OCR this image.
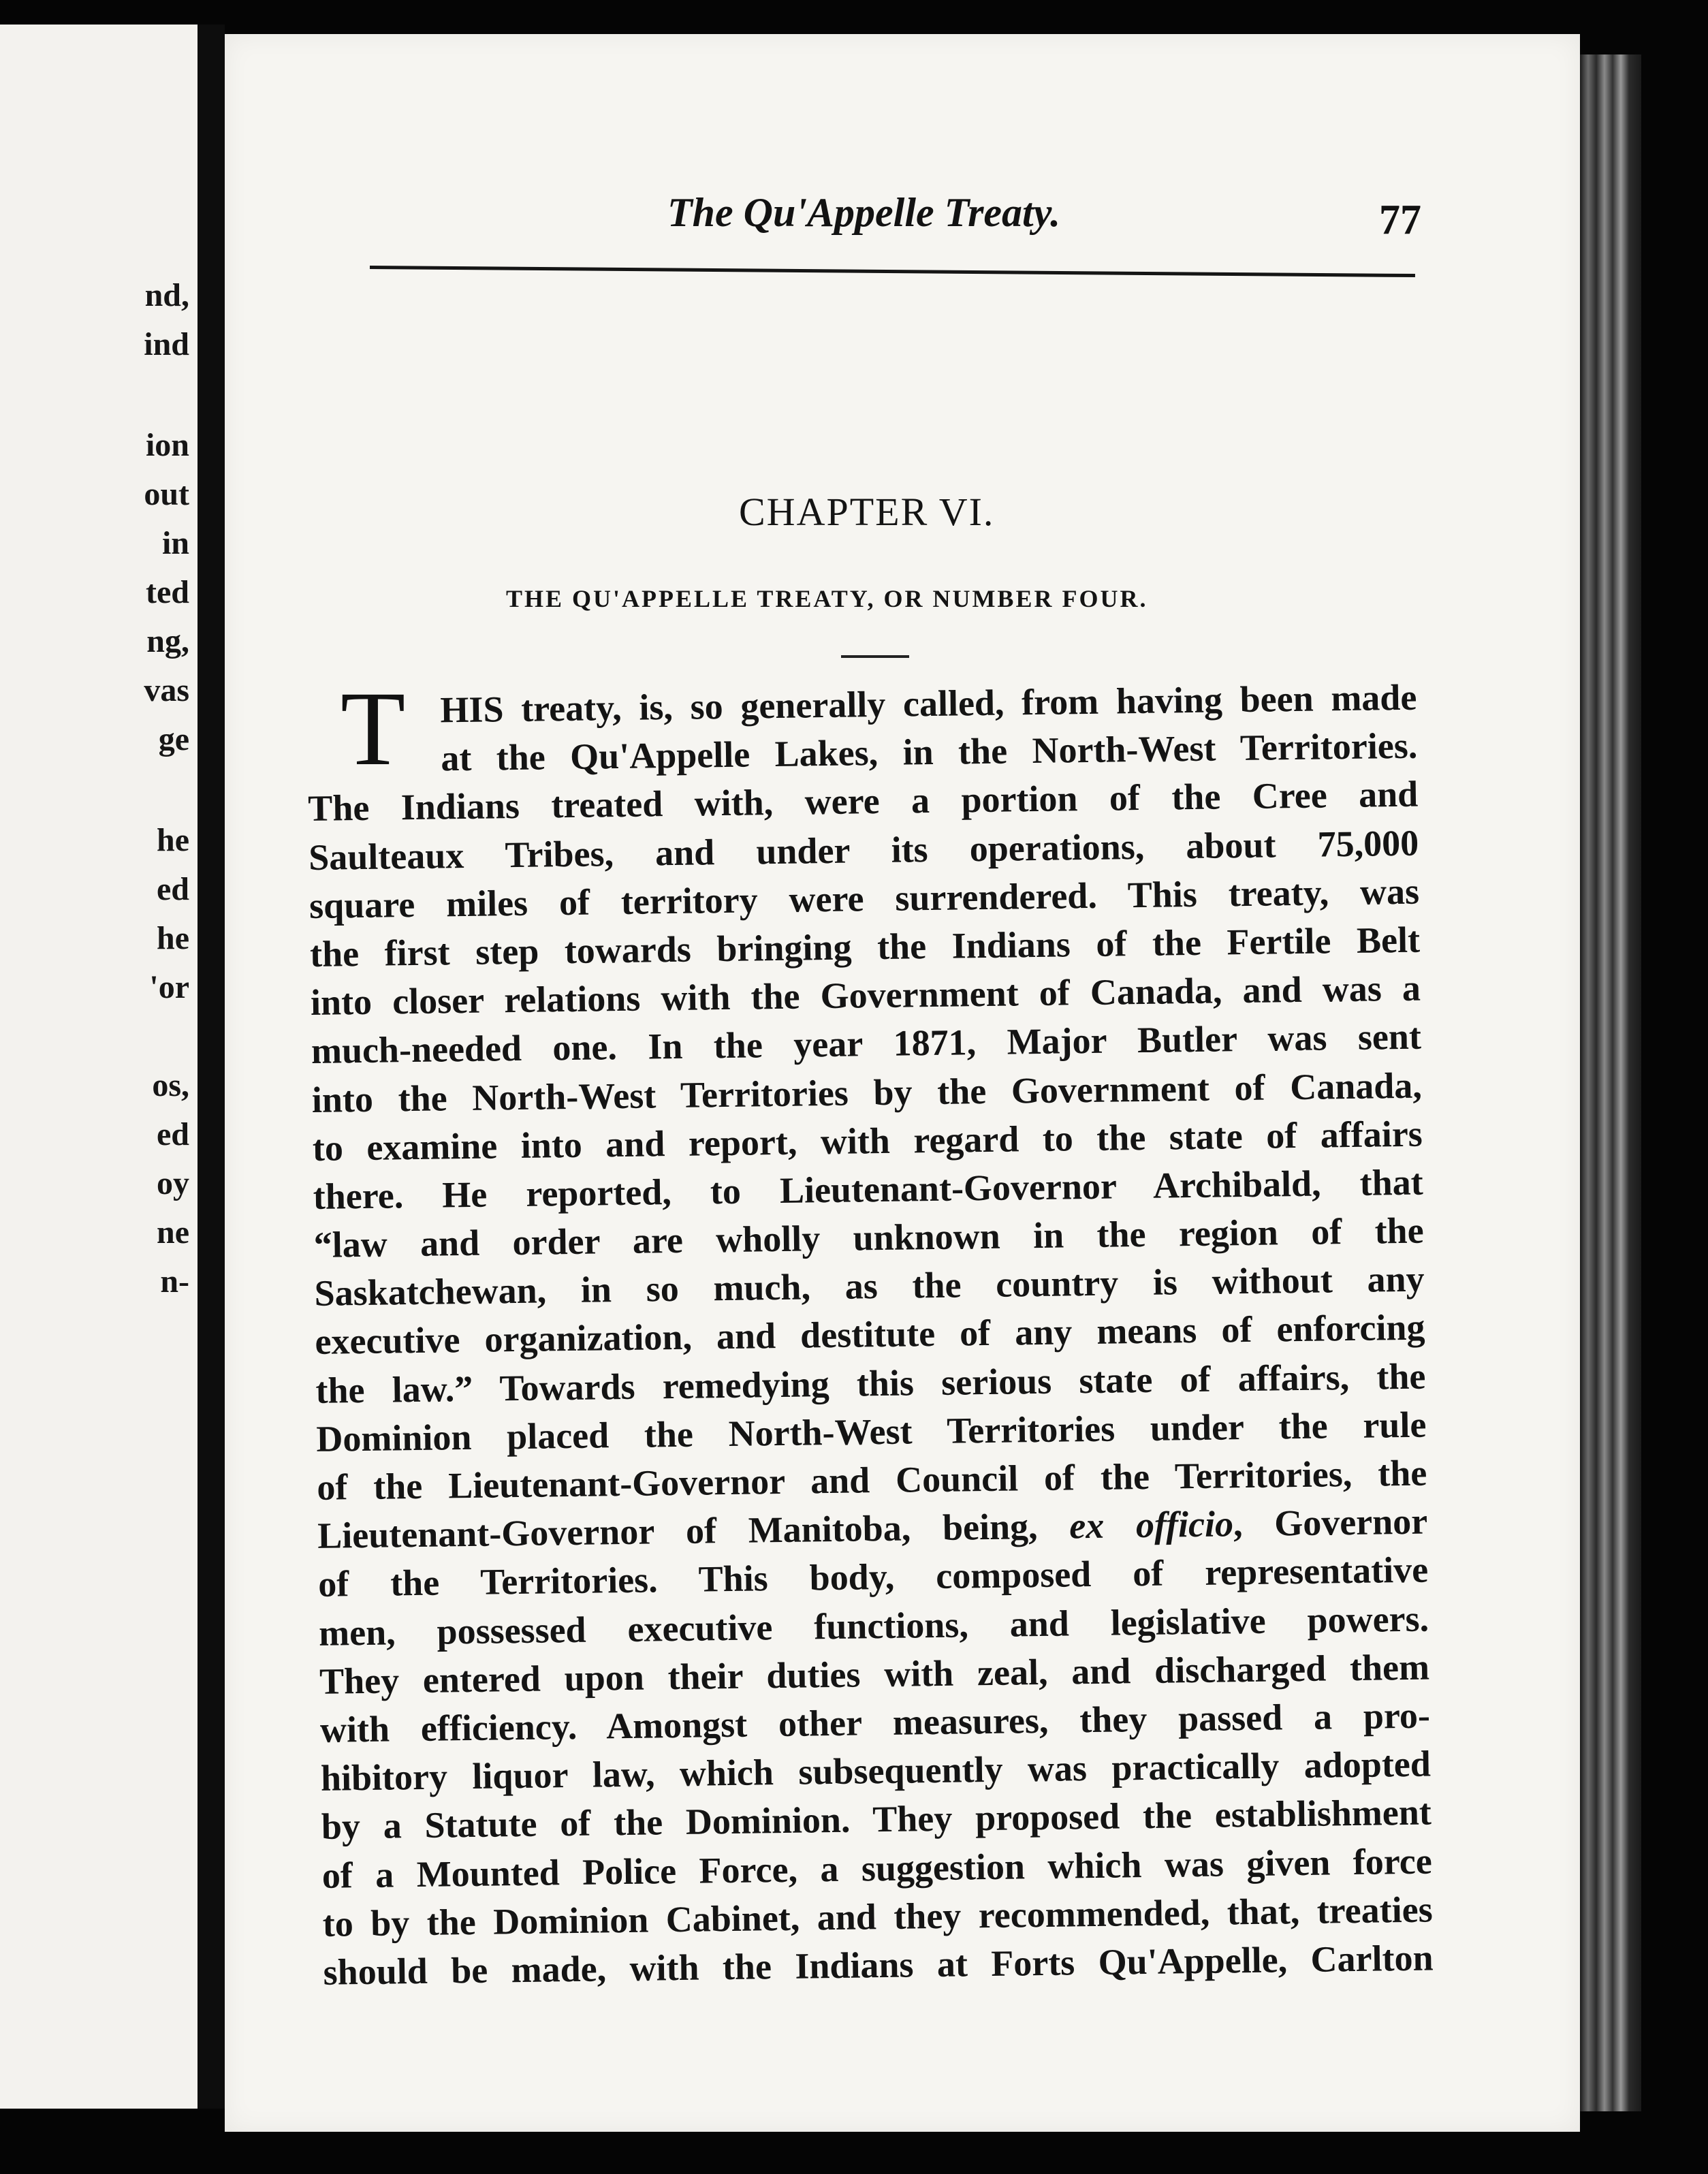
nd,
ind
ion
out
in
ted
ng,
vas
ge
he
ed
he
'or
os,
ed
oy
ne
n-
The Qu'Appelle Treaty.	77
CHAPTER VI.
THE QU'APPELLE TREATY, OR NUMBER FOUR.
T HIS treaty, is, so generally called, from having been made
at the Qu'Appelle Lakes, in the North-West Territories.
The Indians treated with, were a portion of the Cree and
Saulteaux Tribes, and under its operations, about 75,000
square miles of territory were surrendered. This treaty, was
the first step towards bringing the Indians of the Fertile Belt
into closer relations with the Government of Canada, and was a
much-needed one. In the year 1871, Major Butler was sent
into the North-West Territories by the Government of Canada,
to examine into and report, with regard to the state of affairs
there. He reported, to Lieutenant-Governor Archibald, that
“law and order are wholly unknown in the region of the
Saskatchewan, in so much, as the country is without any
executive organization, and destitute of any means of enforcing
the law.” Towards remedying this serious state of affairs, the
Dominion placed the North-West Territories under the rule
of the Lieutenant-Governor and Council of the Territories, the
Lieutenant-Governor of Manitoba, being, ex officio, Governor
of the Territories. This body, composed of representative
men, possessed executive functions, and legislative powers.
They entered upon their duties with zeal, and discharged them
with efficiency. Amongst other measures, they passed a pro-
hibitory liquor law, which subsequently was practically adopted
by a Statute of the Dominion. They proposed the establishment
of a Mounted Police Force, a suggestion which was given force
to by the Dominion Cabinet, and they recommended, that, treaties
should be made, with the Indians at Forts Qu'Appelle, Carlton
